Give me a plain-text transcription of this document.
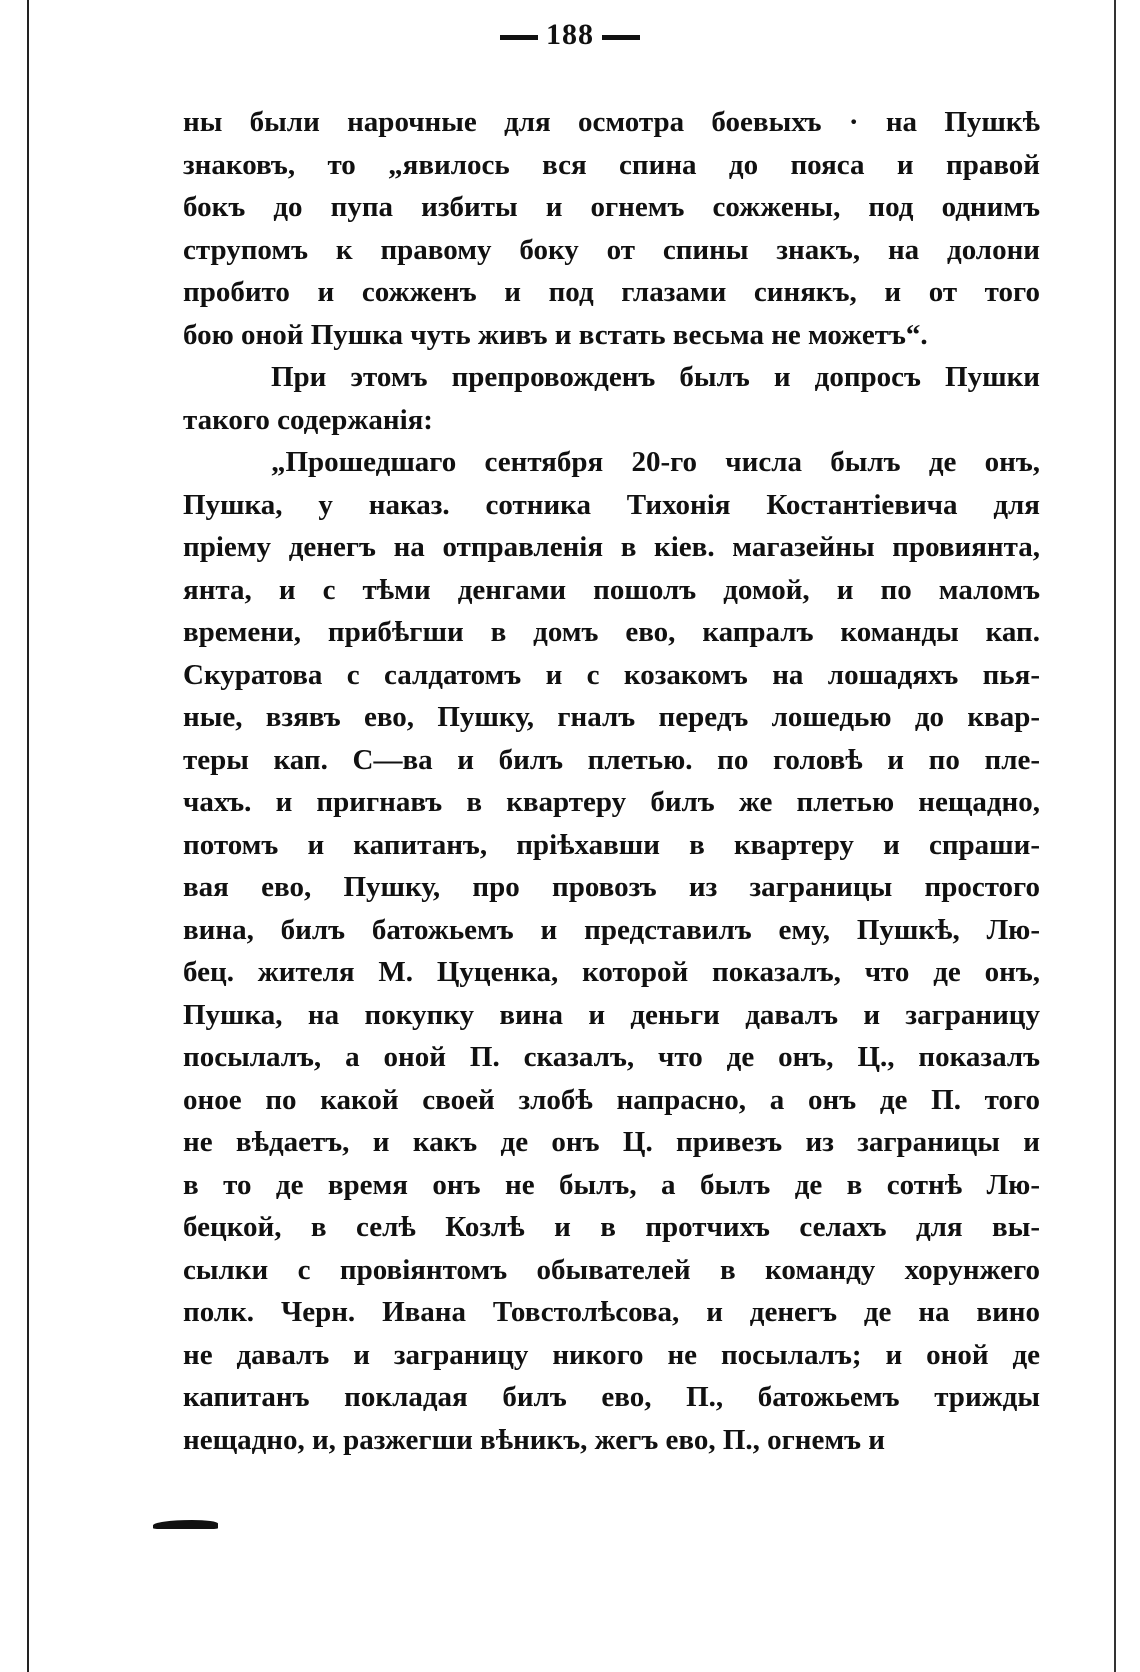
188
ны были нарочные для осмотра боевыхъ · на Пушкѣ
знаковъ, то „явилось вся спина до пояса и правой
бокъ до пупа избиты и огнемъ сожжены, под однимъ
струпомъ к правому боку от спины знакъ, на долони
пробито и сожженъ и под глазами синякъ, и от того
бою оной Пушка чуть живъ и встать весьма не можетъ“.
При этомъ препровожденъ былъ и допросъ Пушки
такого содержанія:
„Прошедшаго сентября 20-го числа былъ де онъ,
Пушка, у наказ. сотника Тихонія Костантіевича для
пріему денегъ на отправленія в кіев. магазейны провиянта,
янта, и с тѣми денгами пошолъ домой, и по маломъ
времени, прибѣгши в домъ ево, капралъ команды кап.
Скуратова с салдатомъ и с козакомъ на лошадяхъ пья-
ные, взявъ ево, Пушку, гналъ передъ лошедью до квар-
теры кап. С—ва и билъ плетью. по головѣ и по пле-
чахъ. и пригнавъ в квартеру билъ же плетью нещадно,
потомъ и капитанъ, пріѣхавши в квартеру и спраши-
вая ево, Пушку, про провозъ из заграницы простого
вина, билъ батожьемъ и представилъ ему, Пушкѣ, Лю-
бец. жителя М. Цуценка, которой показалъ, что де онъ,
Пушка, на покупку вина и деньги давалъ и заграницу
посылалъ, а оной П. сказалъ, что де онъ, Ц., показалъ
оное по какой своей злобѣ напрасно, а онъ де П. того
не вѣдаетъ, и какъ де онъ Ц. привезъ из заграницы и
в то де время онъ не былъ, а былъ де в сотнѣ Лю-
бецкой, в селѣ Козлѣ и в протчихъ селахъ для вы-
сылки с провіянтомъ обывателей в команду хорунжего
полк. Черн. Ивана Товстолѣсова, и денегъ де на вино
не давалъ и заграницу никого не посылалъ; и оной де
капитанъ покладая билъ ево, П., батожьемъ трижды
нещадно, и, разжегши вѣникъ, жегъ ево, П., огнемъ и
